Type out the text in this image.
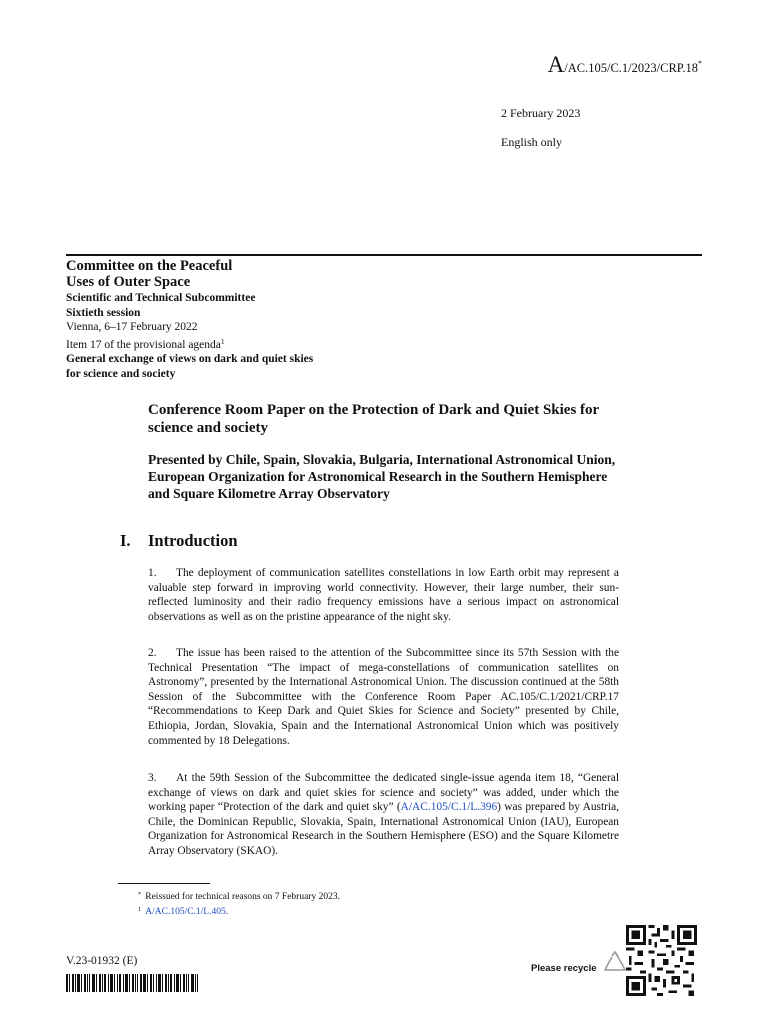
A/AC.105/C.1/2023/CRP.18*
2 February 2023
English only
Committee on the Peaceful
Uses of Outer Space
Scientific and Technical Subcommittee
Sixtieth session
Vienna, 6–17 February 2022
Item 17 of the provisional agenda$^1$
General exchange of views on dark and quiet skies
for science and society
Conference Room Paper on the Protection of Dark and Quiet Skies for science and society
Presented by Chile, Spain, Slovakia, Bulgaria, International Astronomical Union, European Organization for Astronomical Research in the Southern Hemisphere and Square Kilometre Array Observatory
I. Introduction
1. The deployment of communication satellites constellations in low Earth orbit may represent a valuable step forward in improving world connectivity. However, their large number, their sun-reflected luminosity and their radio frequency emissions have a serious impact on astronomical observations as well as on the pristine appearance of the night sky.
2. The issue has been raised to the attention of the Subcommittee since its 57th Session with the Technical Presentation “The impact of mega-constellations of communication satellites on Astronomy”, presented by the International Astronomical Union. The discussion continued at the 58th Session of the Subcommittee with the Conference Room Paper AC.105/C.1/2021/CRP.17 “Recommendations to Keep Dark and Quiet Skies for Science and Society” presented by Chile, Ethiopia, Jordan, Slovakia, Spain and the International Astronomical Union which was positively commented by 18 Delegations.
3. At the 59th Session of the Subcommittee the dedicated single-issue agenda item 18, “General exchange of views on dark and quiet skies for science and society” was added, under which the working paper “Protection of the dark and quiet sky” (A/AC.105/C.1/L.396) was prepared by Austria, Chile, the Dominican Republic, Slovakia, Spain, International Astronomical Union (IAU), European Organization for Astronomical Research in the Southern Hemisphere (ESO) and the Square Kilometre Array Observatory (SKAO).
* Reissued for technical reasons on 7 February 2023.
$^1$ A/AC.105/C.1/L.405.
V.23-01932 (E)
Please recycle
